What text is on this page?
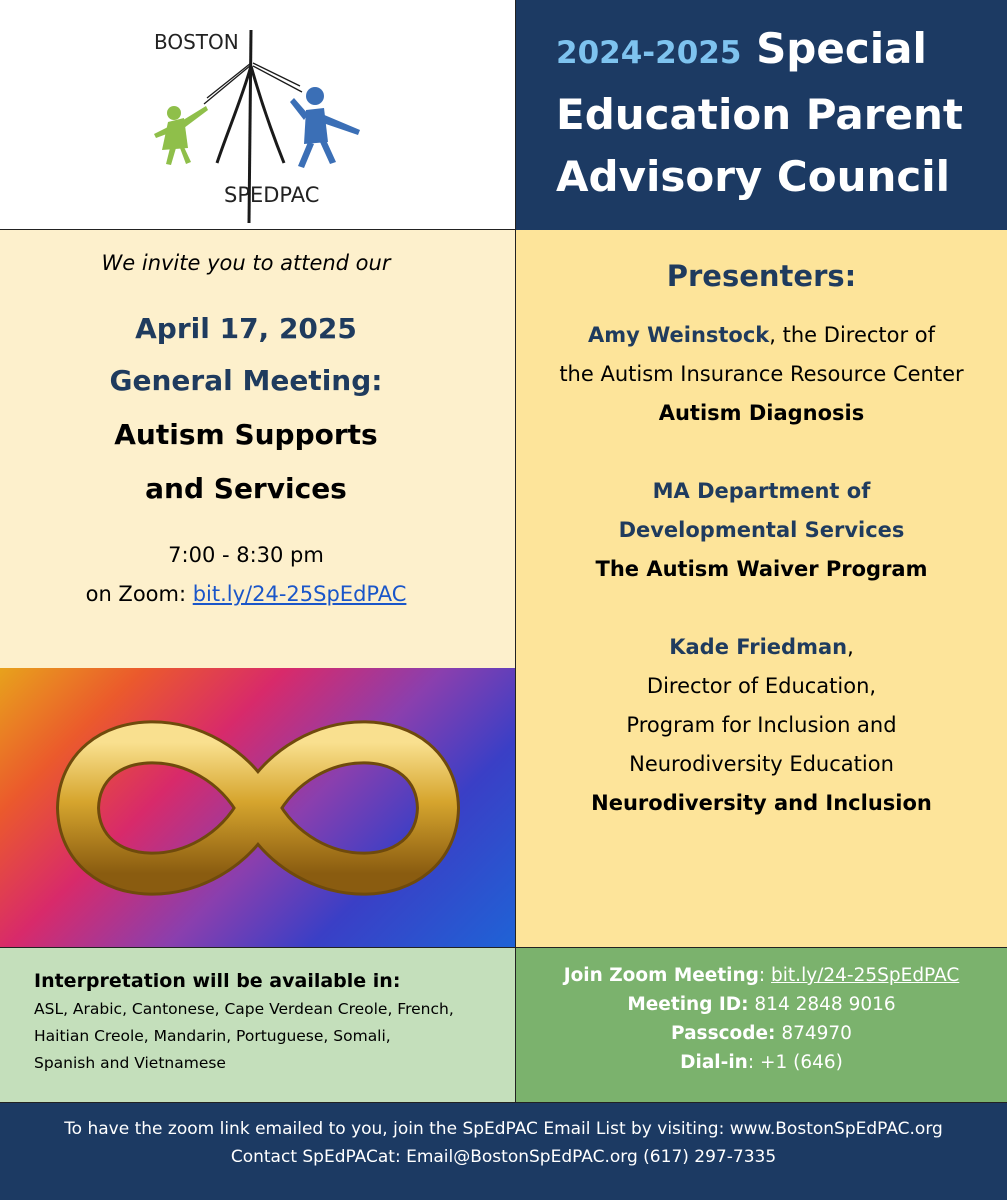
BOSTON
SPEDPAC
2024-2025 Special
Education Parent
Advisory Council

We invite you to attend our

April 17, 2025

General Meeting:

Autism Supports

and Services

7:00 - 8:30 pm

on Zoom: bit.ly/24-25SpEdPAC

Presenters:

Amy Weinstock, the Director of

the Autism Insurance Resource Center

Autism Diagnosis

MA Department of

Developmental Services

The Autism Waiver Program

Kade Friedman,

Director of Education,

Program for Inclusion and

Neurodiversity Education

Neurodiversity and Inclusion

Interpretation will be available in:

ASL, Arabic, Cantonese, Cape Verdean Creole, French,

Haitian Creole, Mandarin, Portuguese, Somali,

Spanish and Vietnamese

Join Zoom Meeting: bit.ly/24-25SpEdPAC

Meeting ID: 814 2848 9016

Passcode: 874970

Dial-in: +1 (646)

To have the zoom link emailed to you, join the SpEdPAC Email List by visiting: www.BostonSpEdPAC.org

Contact SpEdPACat: Email@BostonSpEdPAC.org (617) 297-7335
